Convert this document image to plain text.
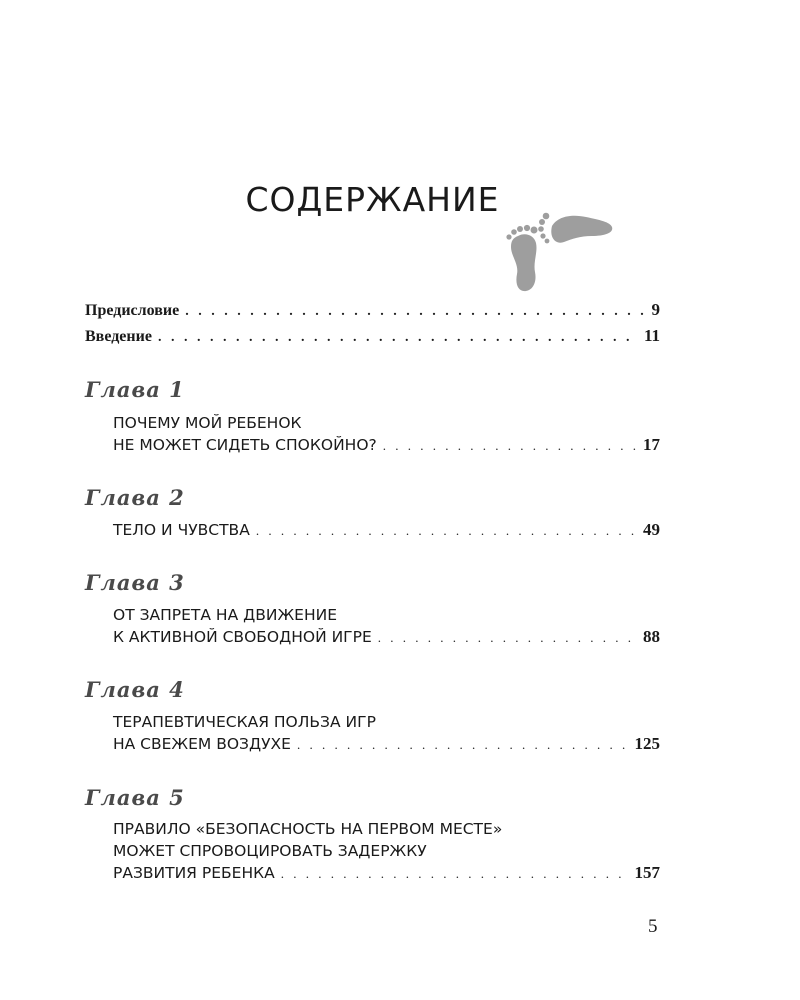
СОДЕРЖАНИЕ
Предисловие . . .	9
Введение . . .	11
Глава 1
ПОЧЕМУ МОЙ РЕБЕНОК
НЕ МОЖЕТ СИДЕТЬ СПОКОЙНО? . . .	17
Глава 2
ТЕЛО И ЧУВСТВА . . .	49
Глава 3
ОТ ЗАПРЕТА НА ДВИЖЕНИЕ
К АКТИВНОЙ СВОБОДНОЙ ИГРЕ . . .	88
Глава 4
ТЕРАПЕВТИЧЕСКАЯ ПОЛЬЗА ИГР
НА СВЕЖЕМ ВОЗДУХЕ . . .	125
Глава 5
ПРАВИЛО «БЕЗОПАСНОСТЬ НА ПЕРВОМ МЕСТЕ»
МОЖЕТ СПРОВОЦИРОВАТЬ ЗАДЕРЖКУ
РАЗВИТИЯ РЕБЕНКА . . .	157
5
